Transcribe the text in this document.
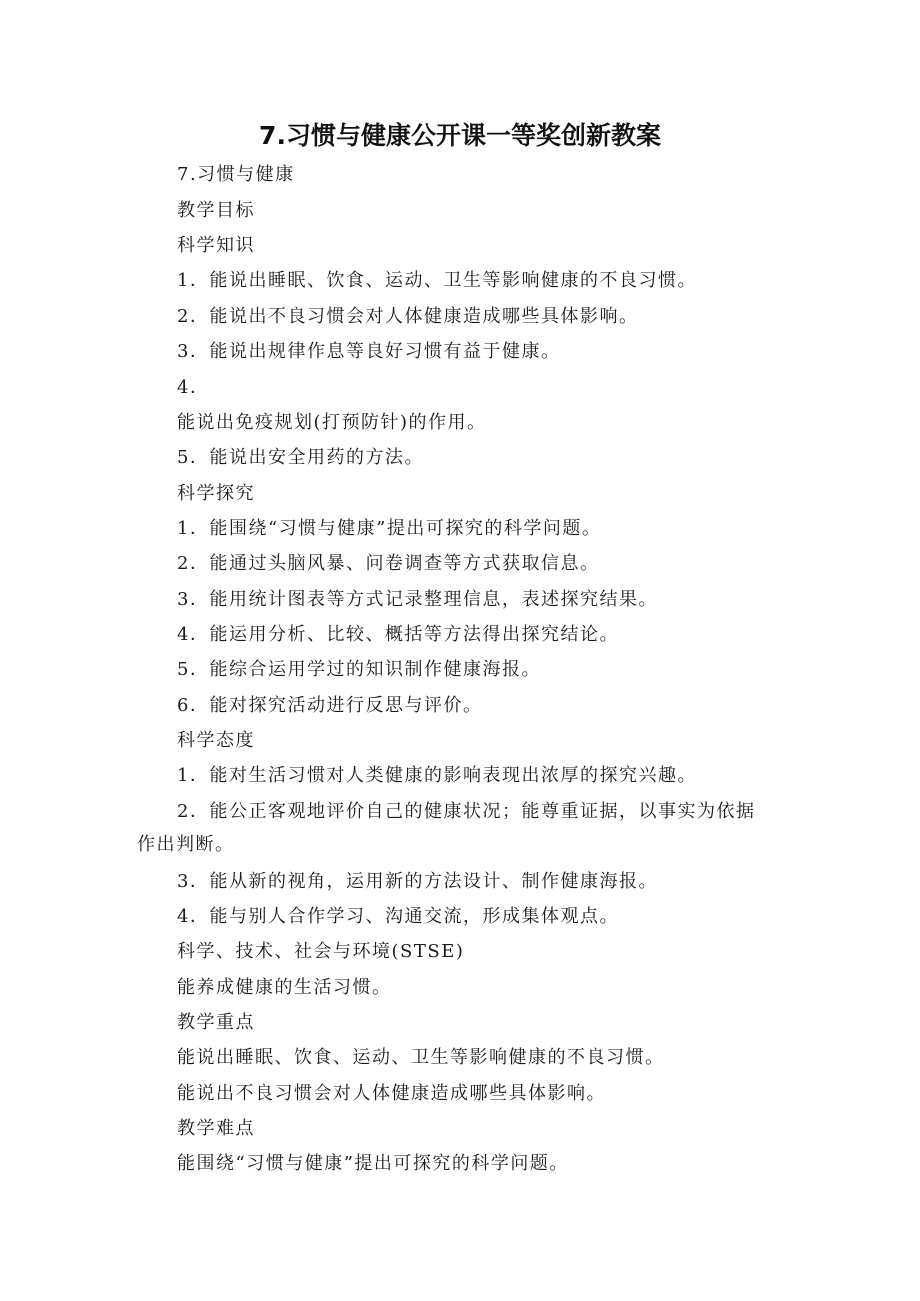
7.习惯与健康公开课一等奖创新教案
7.习惯与健康
教学目标
科学知识
1．能说出睡眠、饮食、运动、卫生等影响健康的不良习惯。
2．能说出不良习惯会对人体健康造成哪些具体影响。
3．能说出规律作息等良好习惯有益于健康。
4．
能说出免疫规划(打预防针)的作用。
5．能说出安全用药的方法。
科学探究
1．能围绕“习惯与健康”提出可探究的科学问题。
2．能通过头脑风暴、问卷调查等方式获取信息。
3．能用统计图表等方式记录整理信息，表述探究结果。
4．能运用分析、比较、概括等方法得出探究结论。
5．能综合运用学过的知识制作健康海报。
6．能对探究活动进行反思与评价。
科学态度
1．能对生活习惯对人类健康的影响表现出浓厚的探究兴趣。
2．能公正客观地评价自己的健康状况；能尊重证据，以事实为依据
作出判断。
3．能从新的视角，运用新的方法设计、制作健康海报。
4．能与别人合作学习、沟通交流，形成集体观点。
科学、技术、社会与环境(STSE)
能养成健康的生活习惯。
教学重点
能说出睡眠、饮食、运动、卫生等影响健康的不良习惯。
能说出不良习惯会对人体健康造成哪些具体影响。
教学难点
能围绕“习惯与健康”提出可探究的科学问题。
